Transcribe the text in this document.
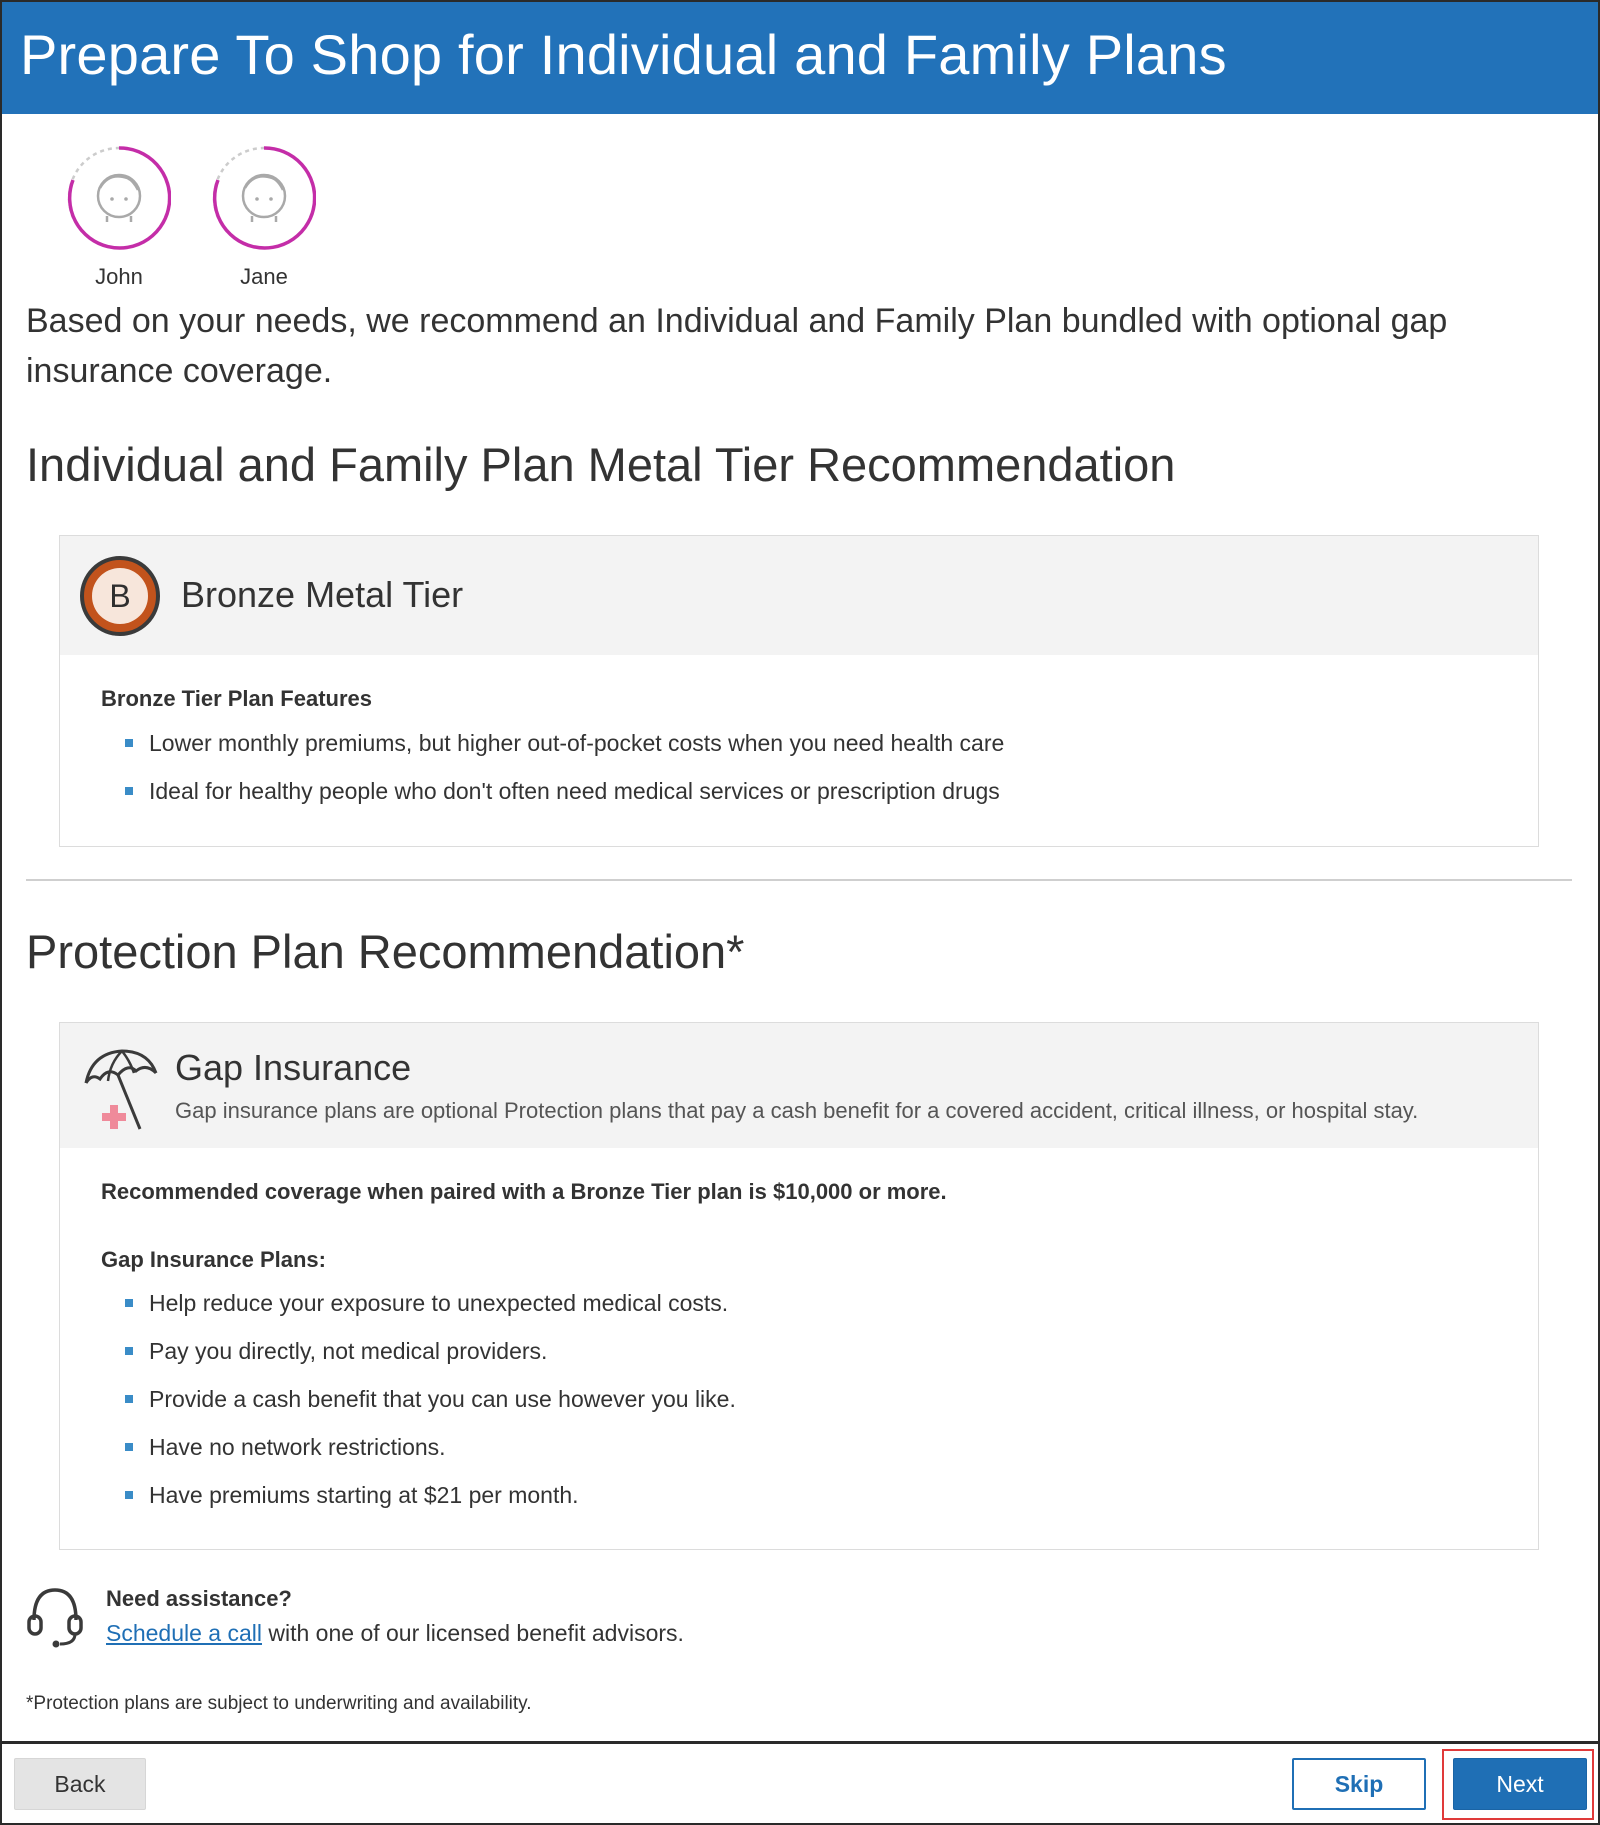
Prepare To Shop for Individual and Family Plans
John	Jane
Based on your needs, we recommend an Individual and Family Plan bundled with optional gap insurance coverage.
Individual and Family Plan Metal Tier Recommendation
B Bronze Metal Tier
Bronze Tier Plan Features
Lower monthly premiums, but higher out-of-pocket costs when you need health care
Ideal for healthy people who don't often need medical services or prescription drugs
Protection Plan Recommendation*
Gap Insurance
Gap insurance plans are optional Protection plans that pay a cash benefit for a covered accident, critical illness, or hospital stay.
Recommended coverage when paired with a Bronze Tier plan is $10,000 or more.
Gap Insurance Plans:
Help reduce your exposure to unexpected medical costs.
Pay you directly, not medical providers.
Provide a cash benefit that you can use however you like.
Have no network restrictions.
Have premiums starting at $21 per month.
Need assistance?
Schedule a call with one of our licensed benefit advisors.
*Protection plans are subject to underwriting and availability.
Back	Skip	Next
